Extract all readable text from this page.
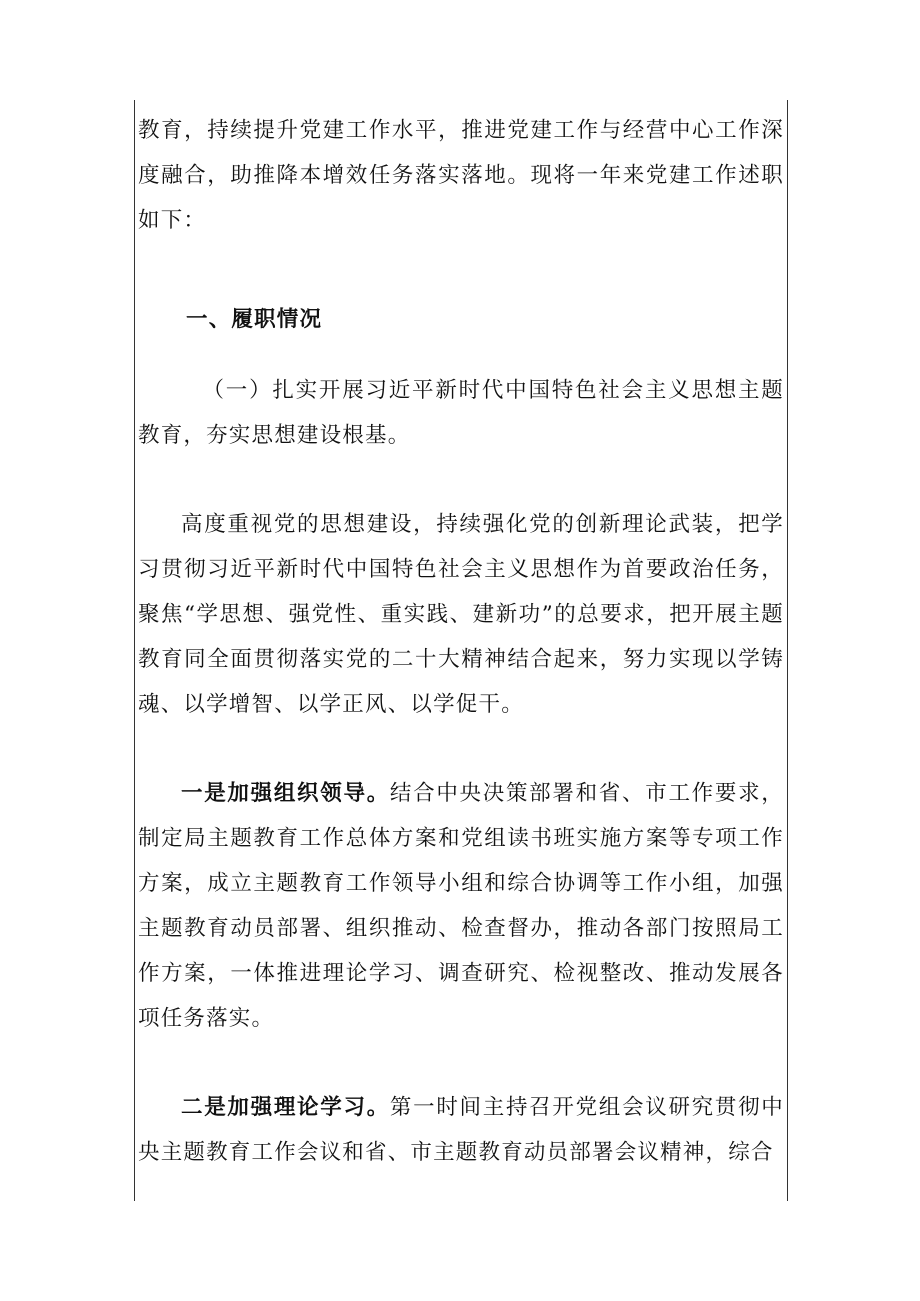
教育，持续提升党建工作水平，推进党建工作与经营中心工作深度融合，助推降本增效任务落实落地。现将一年来党建工作述职如下：

一、履职情况

（一）扎实开展习近平新时代中国特色社会主义思想主题教育，夯实思想建设根基。

高度重视党的思想建设，持续强化党的创新理论武装，把学习贯彻习近平新时代中国特色社会主义思想作为首要政治任务，聚焦“学思想、强党性、重实践、建新功”的总要求，把开展主题教育同全面贯彻落实党的二十大精神结合起来，努力实现以学铸魂、以学增智、以学正风、以学促干。

一是加强组织领导。结合中央决策部署和省、市工作要求，制定局主题教育工作总体方案和党组读书班实施方案等专项工作方案，成立主题教育工作领导小组和综合协调等工作小组，加强主题教育动员部署、组织推动、检查督办，推动各部门按照局工作方案，一体推进理论学习、调查研究、检视整改、推动发展各项任务落实。

二是加强理论学习。第一时间主持召开党组会议研究贯彻中央主题教育工作会议和省、市主题教育动员部署会议精神，综合
